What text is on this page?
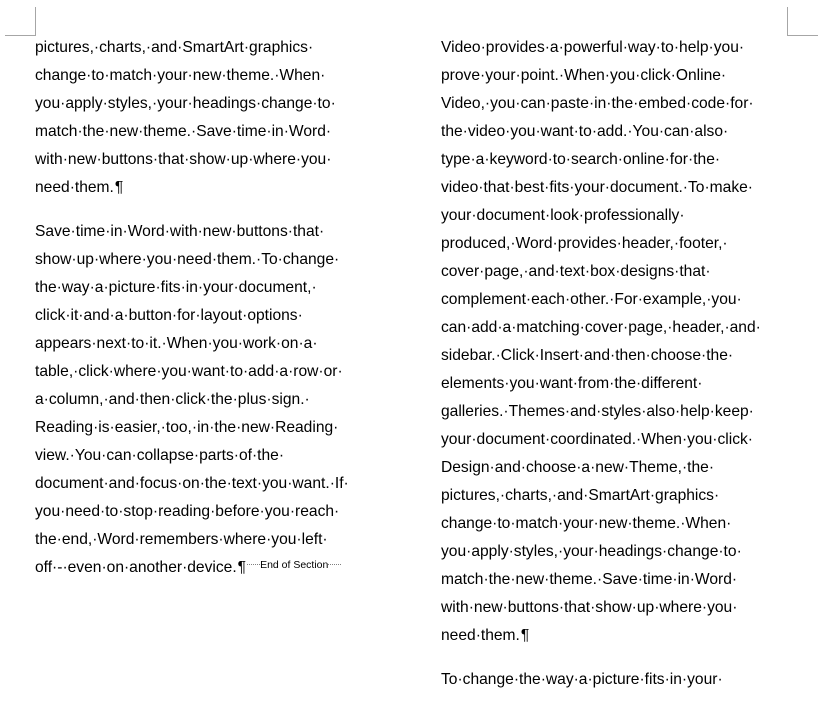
pictures,·charts,·and·SmartArt·graphics·
change·to·match·your·new·theme.·When·
you·apply·styles,·your·headings·change·to·
match·the·new·theme.·Save·time·in·Word·
with·new·buttons·that·show·up·where·you·
need·them.¶

Save·time·in·Word·with·new·buttons·that·
show·up·where·you·need·them.·To·change·
the·way·a·picture·fits·in·your·document,·
click·it·and·a·button·for·layout·options·
appears·next·to·it.·When·you·work·on·a·
table,·click·where·you·want·to·add·a·row·or·
a·column,·and·then·click·the·plus·sign.·
Reading·is·easier,·too,·in·the·new·Reading·
view.·You·can·collapse·parts·of·the·
document·and·focus·on·the·text·you·want.·If·
you·need·to·stop·reading·before·you·reach·
the·end,·Word·remembers·where·you·left·
off·-·even·on·another·device.¶ End of Section

Video·provides·a·powerful·way·to·help·you·
prove·your·point.·When·you·click·Online·
Video,·you·can·paste·in·the·embed·code·for·
the·video·you·want·to·add.·You·can·also·
type·a·keyword·to·search·online·for·the·
video·that·best·fits·your·document.·To·make·
your·document·look·professionally·
produced,·Word·provides·header,·footer,·
cover·page,·and·text·box·designs·that·
complement·each·other.·For·example,·you·
can·add·a·matching·cover·page,·header,·and·
sidebar.·Click·Insert·and·then·choose·the·
elements·you·want·from·the·different·
galleries.·Themes·and·styles·also·help·keep·
your·document·coordinated.·When·you·click·
Design·and·choose·a·new·Theme,·the·
pictures,·charts,·and·SmartArt·graphics·
change·to·match·your·new·theme.·When·
you·apply·styles,·your·headings·change·to·
match·the·new·theme.·Save·time·in·Word·
with·new·buttons·that·show·up·where·you·
need·them.¶

To·change·the·way·a·picture·fits·in·your·
